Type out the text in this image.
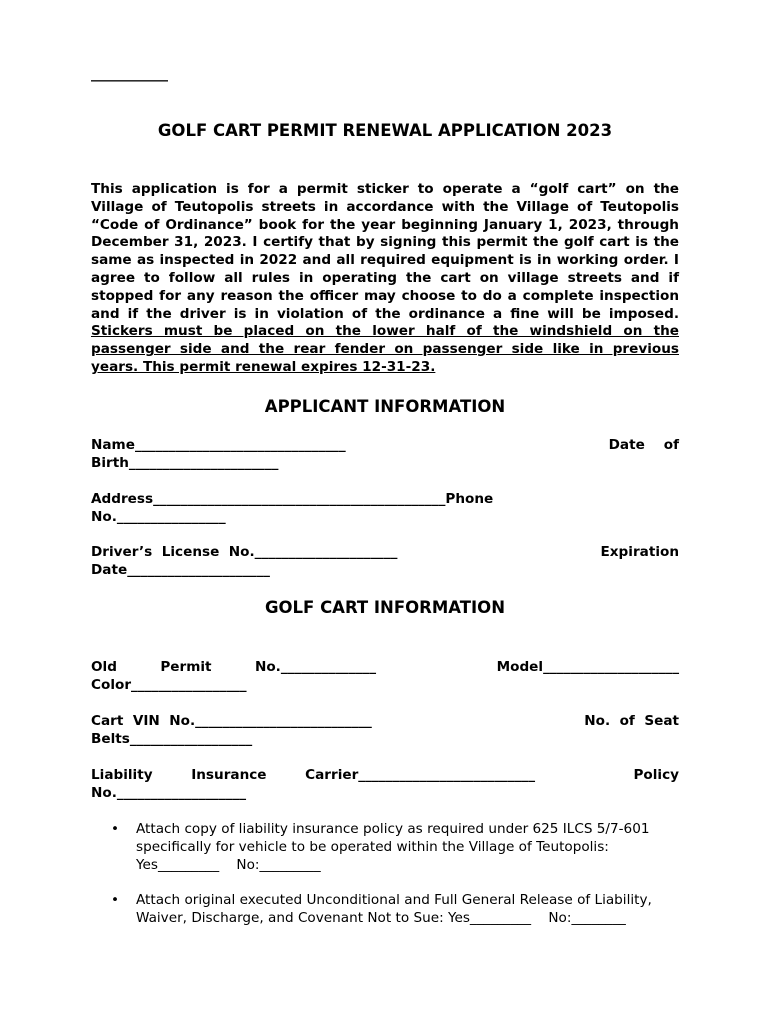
___________
GOLF CART PERMIT RENEWAL APPLICATION 2023
This application is for a permit sticker to operate a “golf cart” on the Village of Teutopolis streets in accordance with the Village of Teutopolis “Code of Ordinance” book for the year beginning January 1, 2023, through December 31, 2023. I certify that by signing this permit the golf cart is the same as inspected in 2022 and all required equipment is in working order. I agree to follow all rules in operating the cart on village streets and if stopped for any reason the officer may choose to do a complete inspection and if the driver is in violation of the ordinance a fine will be imposed. Stickers must be placed on the lower half of the windshield on the passenger side and the rear fender on passenger side like in previous years. This permit renewal expires 12-31-23.
APPLICANT INFORMATION
Name_______________________________	Date of
Birth______________________
Address___________________________________________ Phone
No.________________
Driver’s  License  No._____________________	Expiration
Date_____________________
GOLF CART INFORMATION
Old	Permit	No.______________	Model____________________
Color_________________
Cart  VIN  No.__________________________	No.  of  Seat
Belts__________________
Liability	Insurance	Carrier__________________________	Policy
No.___________________
• Attach copy of liability insurance policy as required under 625 ILCS 5/7-601 specifically for vehicle to be operated within the Village of Teutopolis:
Yes_________    No:_________
• Attach original executed Unconditional and Full General Release of Liability, Waiver, Discharge, and Covenant Not to Sue: Yes_________    No:________
